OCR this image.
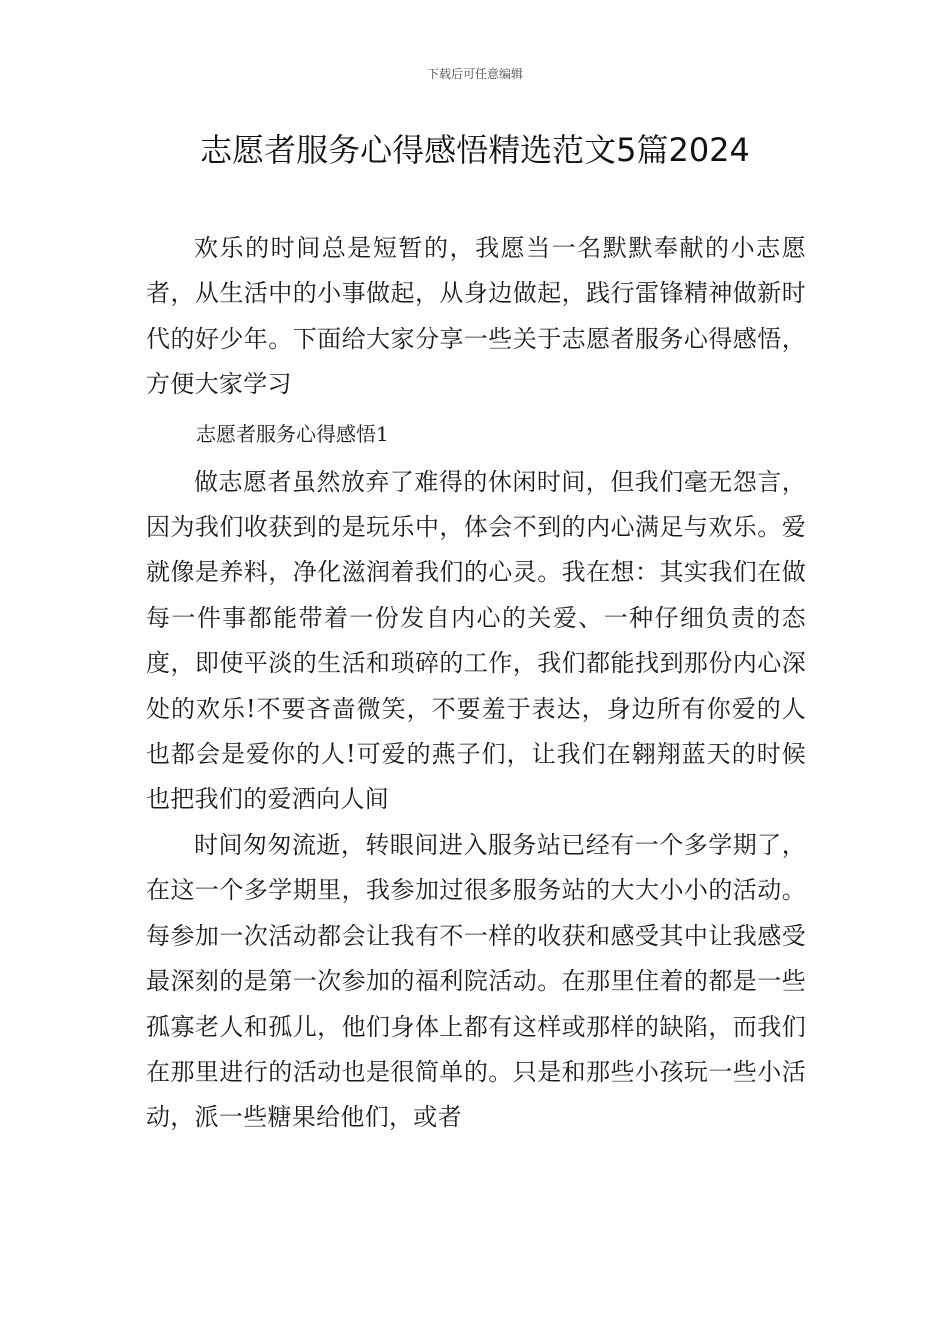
下载后可任意编辑
志愿者服务心得感悟精选范文5篇2024

欢乐的时间总是短暂的，我愿当一名默默奉献的小志愿者，从生活中的小事做起，从身边做起，践行雷锋精神做新时代的好少年。下面给大家分享一些关于志愿者服务心得感悟，方便大家学习

志愿者服务心得感悟1

做志愿者虽然放弃了难得的休闲时间，但我们毫无怨言，因为我们收获到的是玩乐中，体会不到的内心满足与欢乐。爱就像是养料，净化滋润着我们的心灵。我在想：其实我们在做每一件事都能带着一份发自内心的关爱、一种仔细负责的态度，即使平淡的生活和琐碎的工作，我们都能找到那份内心深处的欢乐!不要吝啬微笑，不要羞于表达，身边所有你爱的人也都会是爱你的人!可爱的燕子们，让我们在翱翔蓝天的时候也把我们的爱洒向人间

时间匆匆流逝，转眼间进入服务站已经有一个多学期了，在这一个多学期里，我参加过很多服务站的大大小小的活动。每参加一次活动都会让我有不一样的收获和感受其中让我感受最深刻的是第一次参加的福利院活动。在那里住着的都是一些孤寡老人和孤儿，他们身体上都有这样或那样的缺陷，而我们在那里进行的活动也是很简单的。只是和那些小孩玩一些小活动，派一些糖果给他们，或者
